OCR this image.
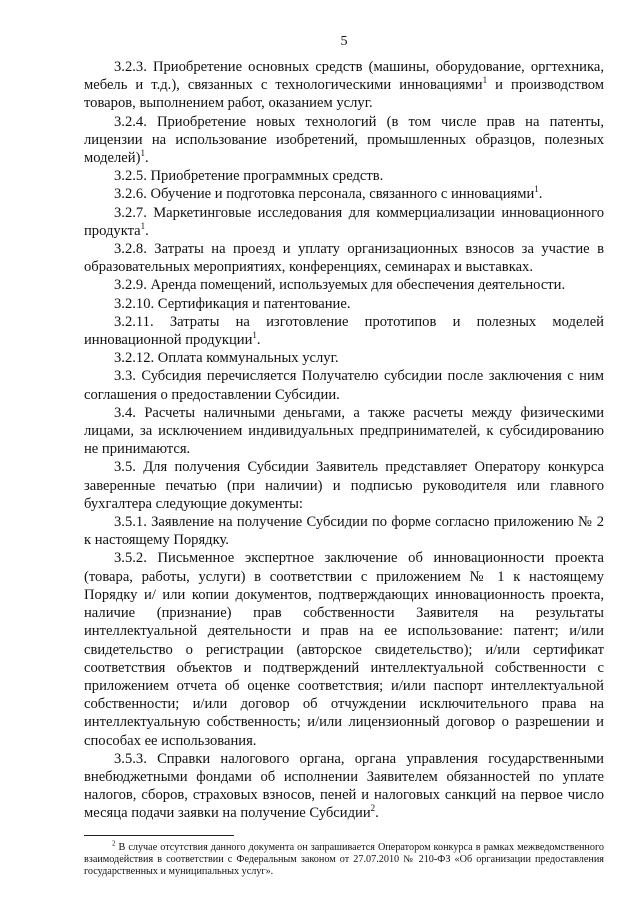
5

3.2.3. Приобретение основных средств (машины, оборудование, оргтехника, мебель и т.д.), связанных с технологическими инновациями$^1$ и производством товаров, выполнением работ, оказанием услуг.

3.2.4. Приобретение новых технологий (в том числе прав на патенты, лицензии на использование изобретений, промышленных образцов, полезных моделей)$^1$.

3.2.5. Приобретение программных средств.

3.2.6. Обучение и подготовка персонала, связанного с инновациями$^1$.

3.2.7. Маркетинговые исследования для коммерциализации инновационного продукта$^1$.

3.2.8. Затраты на проезд и уплату организационных взносов за участие в образовательных мероприятиях, конференциях, семинарах и выставках.

3.2.9. Аренда помещений, используемых для обеспечения деятельности.

3.2.10. Сертификация и патентование.

3.2.11. Затраты на изготовление прототипов и полезных моделей инновационной продукции$^1$.

3.2.12. Оплата коммунальных услуг.

3.3. Субсидия перечисляется Получателю субсидии после заключения с ним соглашения о предоставлении Субсидии.

3.4. Расчеты наличными деньгами, а также расчеты между физическими лицами, за исключением индивидуальных предпринимателей, к субсидированию не принимаются.

3.5. Для получения Субсидии Заявитель представляет Оператору конкурса заверенные печатью (при наличии) и подписью руководителя или главного бухгалтера следующие документы:

3.5.1. Заявление на получение Субсидии по форме согласно приложению № 2 к настоящему Порядку.

3.5.2. Письменное экспертное заключение об инновационности проекта (товара, работы, услуги) в соответствии с приложением № 1 к настоящему Порядку и/ или копии документов, подтверждающих инновационность проекта, наличие (признание) прав собственности Заявителя на результаты интеллектуальной деятельности и прав на ее использование: патент; и/или свидетельство о регистрации (авторское свидетельство); и/или сертификат соответствия объектов и подтверждений интеллектуальной собственности с приложением отчета об оценке соответствия; и/или паспорт интеллектуальной собственности; и/или договор об отчуждении исключительного права на интеллектуальную собственность; и/или лицензионный договор о разрешении и способах ее использования.

3.5.3. Справки налогового органа, органа управления государственными внебюджетными фондами об исполнении Заявителем обязанностей по уплате налогов, сборов, страховых взносов, пеней и налоговых санкций на первое число месяца подачи заявки на получение Субсидии$^2$.

$^2$ В случае отсутствия данного документа он запрашивается Оператором конкурса в рамках межведомственного взаимодействия в соответствии с Федеральным законом от 27.07.2010 № 210-ФЗ «Об организации предоставления государственных и муниципальных услуг».
